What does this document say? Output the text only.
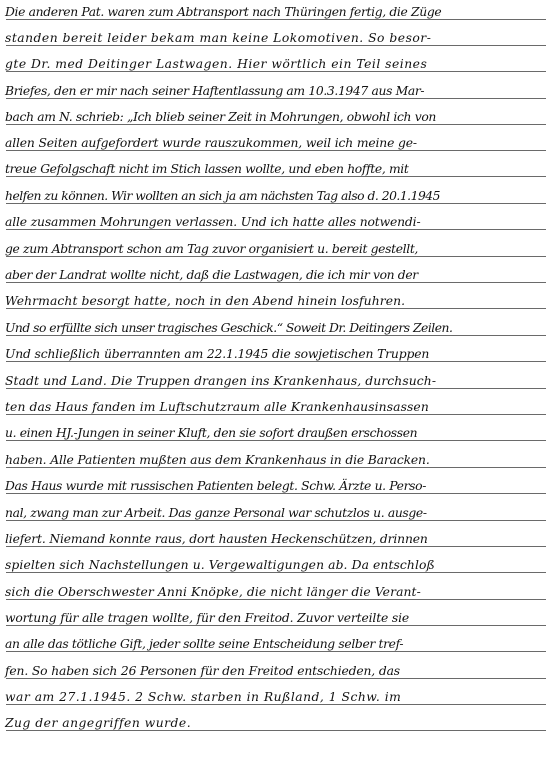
Die anderen Pat. waren zum Abtransport nach Thüringen fertig, die Züge
standen bereit leider bekam man keine Lokomotiven. So besor-
gte Dr. med Deitinger Lastwagen. Hier wörtlich ein Teil seines
Briefes, den er mir nach seiner Haftentlassung am 10.3.1947 aus Mar-
bach am N. schrieb: „Ich blieb seiner Zeit in Mohrungen, obwohl ich von
allen Seiten aufgefordert wurde rauszukommen, weil ich meine ge-
treue Gefolgschaft nicht im Stich lassen wollte, und eben hoffte, mit
helfen zu können. Wir wollten an sich ja am nächsten Tag also d. 20.1.1945
alle zusammen Mohrungen verlassen. Und ich hatte alles notwendi-
ge zum Abtransport schon am Tag zuvor organisiert u. bereit gestellt,
aber der Landrat wollte nicht, daß die Lastwagen, die ich mir von der
Wehrmacht besorgt hatte, noch in den Abend hinein losfuhren.
Und so erfüllte sich unser tragisches Geschick.“ Soweit Dr. Deitingers Zeilen.
Und schließlich überrannten am 22.1.1945 die sowjetischen Truppen
Stadt und Land. Die Truppen drangen ins Krankenhaus, durchsuch-
ten das Haus fanden im Luftschutzraum alle Krankenhausinsassen
u. einen HJ.-Jungen in seiner Kluft, den sie sofort draußen erschossen
haben. Alle Patienten mußten aus dem Krankenhaus in die Baracken.
Das Haus wurde mit russischen Patienten belegt. Schw. Ärzte u. Perso-
nal, zwang man zur Arbeit. Das ganze Personal war schutzlos u. ausge-
liefert. Niemand konnte raus, dort hausten Heckenschützen, drinnen
spielten sich Nachstellungen u. Vergewaltigungen ab. Da entschloß
sich die Oberschwester Anni Knöpke, die nicht länger die Verant-
wortung für alle tragen wollte, für den Freitod. Zuvor verteilte sie
an alle das tötliche Gift, jeder sollte seine Entscheidung selber tref-
fen. So haben sich 26 Personen für den Freitod entschieden, das
war am 27.1.1945. 2 Schw. starben in Rußland, 1 Schw. im
Zug der angegriffen wurde.
